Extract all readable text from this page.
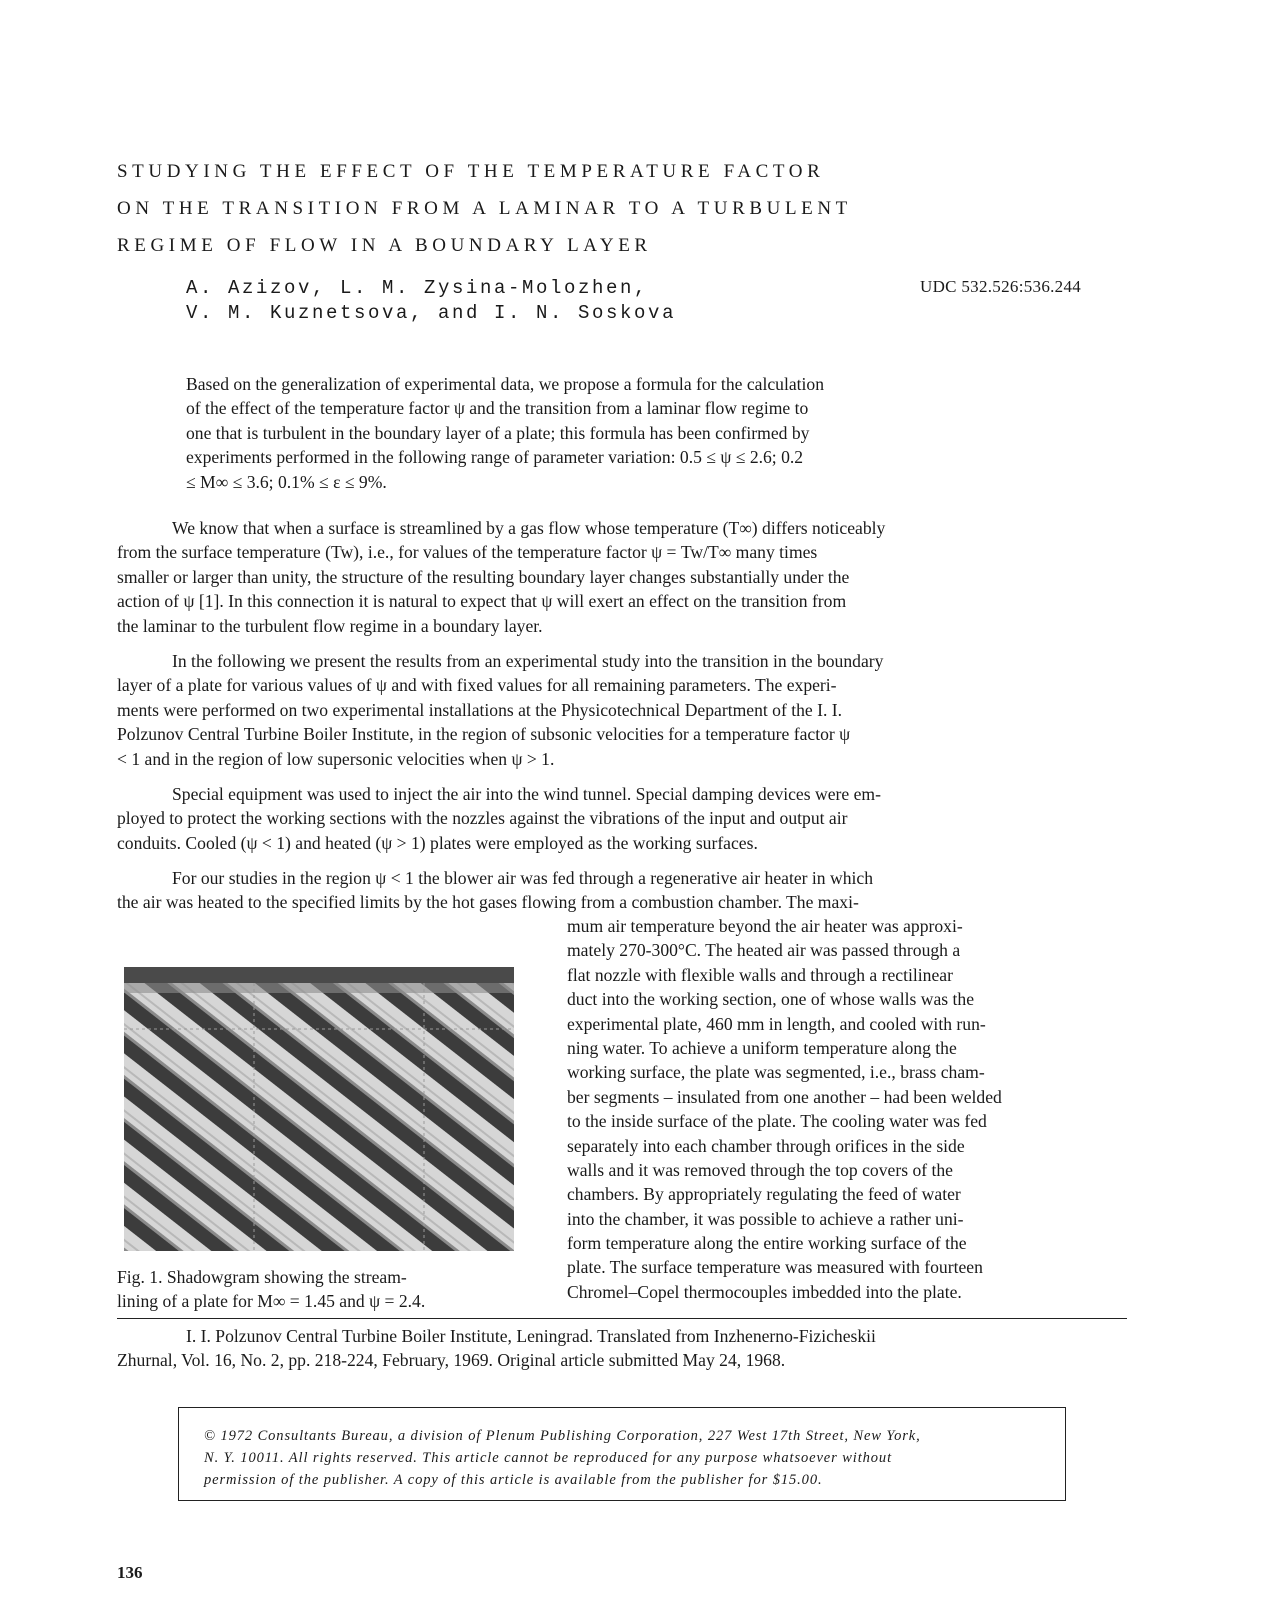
STUDYING THE EFFECT OF THE TEMPERATURE FACTOR
ON THE TRANSITION FROM A LAMINAR TO A TURBULENT
REGIME OF FLOW IN A BOUNDARY LAYER
A. Azizov, L. M. Zysina-Molozhen,
V. M. Kuznetsova, and I. N. Soskova
UDC 532.526:536.244
Based on the generalization of experimental data, we propose a formula for the calculation
of the effect of the temperature factor ψ and the transition from a laminar flow regime to
one that is turbulent in the boundary layer of a plate; this formula has been confirmed by
experiments performed in the following range of parameter variation: 0.5 ≤ ψ ≤ 2.6; 0.2
≤ M∞ ≤ 3.6; 0.1% ≤ ε ≤ 9%.
We know that when a surface is streamlined by a gas flow whose temperature (T∞) differs noticeably
from the surface temperature (Tw), i.e., for values of the temperature factor ψ = Tw/T∞ many times
smaller or larger than unity, the structure of the resulting boundary layer changes substantially under the
action of ψ [1]. In this connection it is natural to expect that ψ will exert an effect on the transition from
the laminar to the turbulent flow regime in a boundary layer.
In the following we present the results from an experimental study into the transition in the boundary
layer of a plate for various values of ψ and with fixed values for all remaining parameters. The experi-
ments were performed on two experimental installations at the Physicotechnical Department of the I. I.
Polzunov Central Turbine Boiler Institute, in the region of subsonic velocities for a temperature factor ψ
< 1 and in the region of low supersonic velocities when ψ > 1.
Special equipment was used to inject the air into the wind tunnel. Special damping devices were em-
ployed to protect the working sections with the nozzles against the vibrations of the input and output air
conduits. Cooled (ψ < 1) and heated (ψ > 1) plates were employed as the working surfaces.
For our studies in the region ψ < 1 the blower air was fed through a regenerative air heater in which
the air was heated to the specified limits by the hot gases flowing from a combustion chamber. The maxi-
mum air temperature beyond the air heater was approxi-
mately 270-300°C. The heated air was passed through a
flat nozzle with flexible walls and through a rectilinear
duct into the working section, one of whose walls was the
experimental plate, 460 mm in length, and cooled with run-
ning water. To achieve a uniform temperature along the
working surface, the plate was segmented, i.e., brass cham-
ber segments – insulated from one another – had been welded
to the inside surface of the plate. The cooling water was fed
separately into each chamber through orifices in the side
walls and it was removed through the top covers of the
chambers. By appropriately regulating the feed of water
into the chamber, it was possible to achieve a rather uni-
form temperature along the entire working surface of the
plate. The surface temperature was measured with fourteen
Chromel–Copel thermocouples imbedded into the plate.
Fig. 1. Shadowgram showing the stream-
lining of a plate for M∞ = 1.45 and ψ = 2.4.
I. I. Polzunov Central Turbine Boiler Institute, Leningrad. Translated from Inzhenerno-Fizicheskii
Zhurnal, Vol. 16, No. 2, pp. 218-224, February, 1969. Original article submitted May 24, 1968.
© 1972 Consultants Bureau, a division of Plenum Publishing Corporation, 227 West 17th Street, New York,
N. Y. 10011. All rights reserved. This article cannot be reproduced for any purpose whatsoever without
permission of the publisher. A copy of this article is available from the publisher for $15.00.
136
